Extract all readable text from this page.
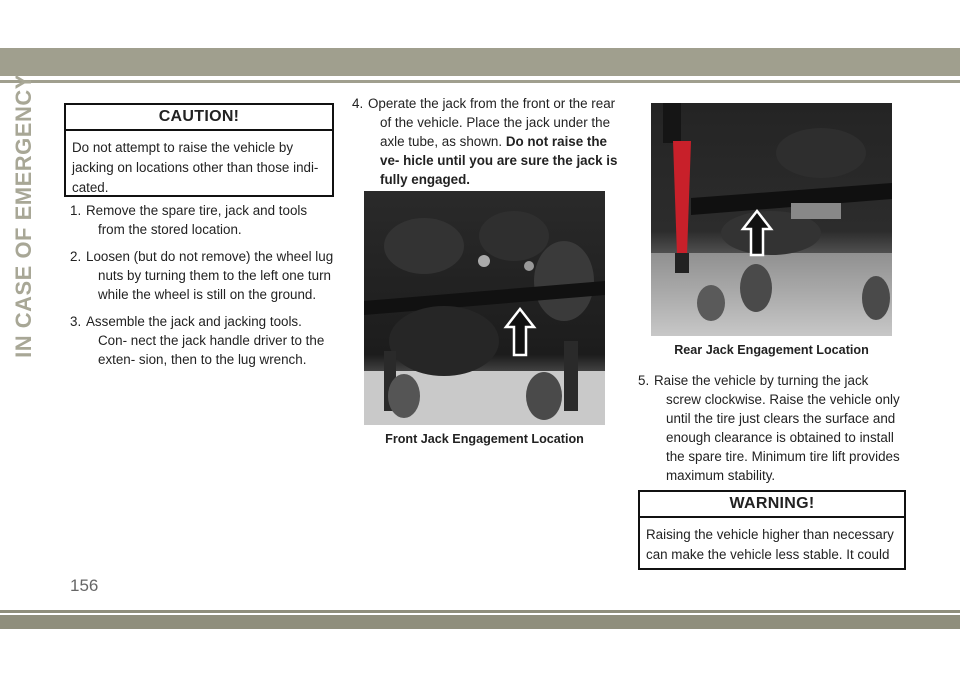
IN CASE OF EMERGENCY	CAUTION!
Do not attempt to raise the vehicle by jacking on locations other than those indi- cated.
1. Remove the spare tire, jack and tools from the stored location.
2. Loosen (but do not remove) the wheel lug nuts by turning them to the left one turn while the wheel is still on the ground.
3. Assemble the jack and jacking tools. Con- nect the jack handle driver to the exten- sion, then to the lug wrench.
4. Operate the jack from the front or the rear of the vehicle. Place the jack under the axle tube, as shown. Do not raise the ve- hicle until you are sure the jack is fully engaged.
Front Jack Engagement Location
Rear Jack Engagement Location
5. Raise the vehicle by turning the jack screw clockwise. Raise the vehicle only until the tire just clears the surface and enough clearance is obtained to install the spare tire. Minimum tire lift provides maximum stability.
WARNING!
Raising the vehicle higher than necessary can make the vehicle less stable. It could
156
